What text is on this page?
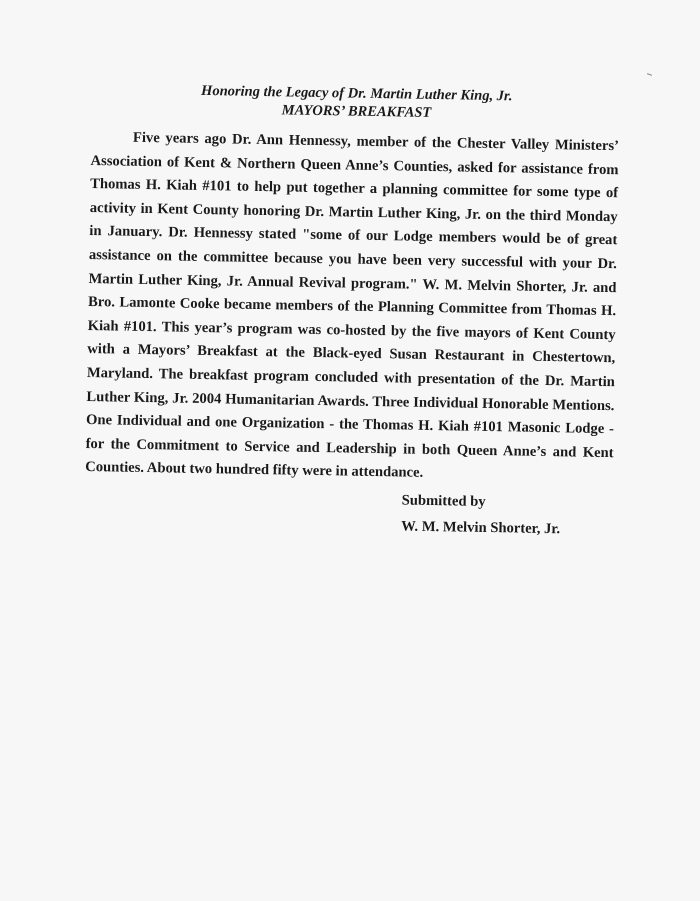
Honoring the Legacy of Dr. Martin Luther King, Jr.
MAYORS’ BREAKFAST

Five years ago Dr. Ann Hennessy, member of the Chester Valley Ministers’ Association of Kent & Northern Queen Anne’s Counties, asked for assistance from Thomas H. Kiah #101 to help put together a planning committee for some type of activity in Kent County honoring Dr. Martin Luther King, Jr. on the third Monday in January. Dr. Hennessy stated "some of our Lodge members would be of great assistance on the committee because you have been very successful with your Dr. Martin Luther King, Jr. Annual Revival program." W. M. Melvin Shorter, Jr. and Bro. Lamonte Cooke became members of the Planning Committee from Thomas H. Kiah #101. This year’s program was co-hosted by the five mayors of Kent County with a Mayors’ Breakfast at the Black-eyed Susan Restaurant in Chestertown, Maryland. The breakfast program concluded with presentation of the Dr. Martin Luther King, Jr. 2004 Humanitarian Awards. Three Individual Honorable Mentions. One Individual and one Organization - the Thomas H. Kiah #101 Masonic Lodge - for the Commitment to Service and Leadership in both Queen Anne’s and Kent Counties. About two hundred fifty were in attendance.

Submitted by
W. M. Melvin Shorter, Jr.
